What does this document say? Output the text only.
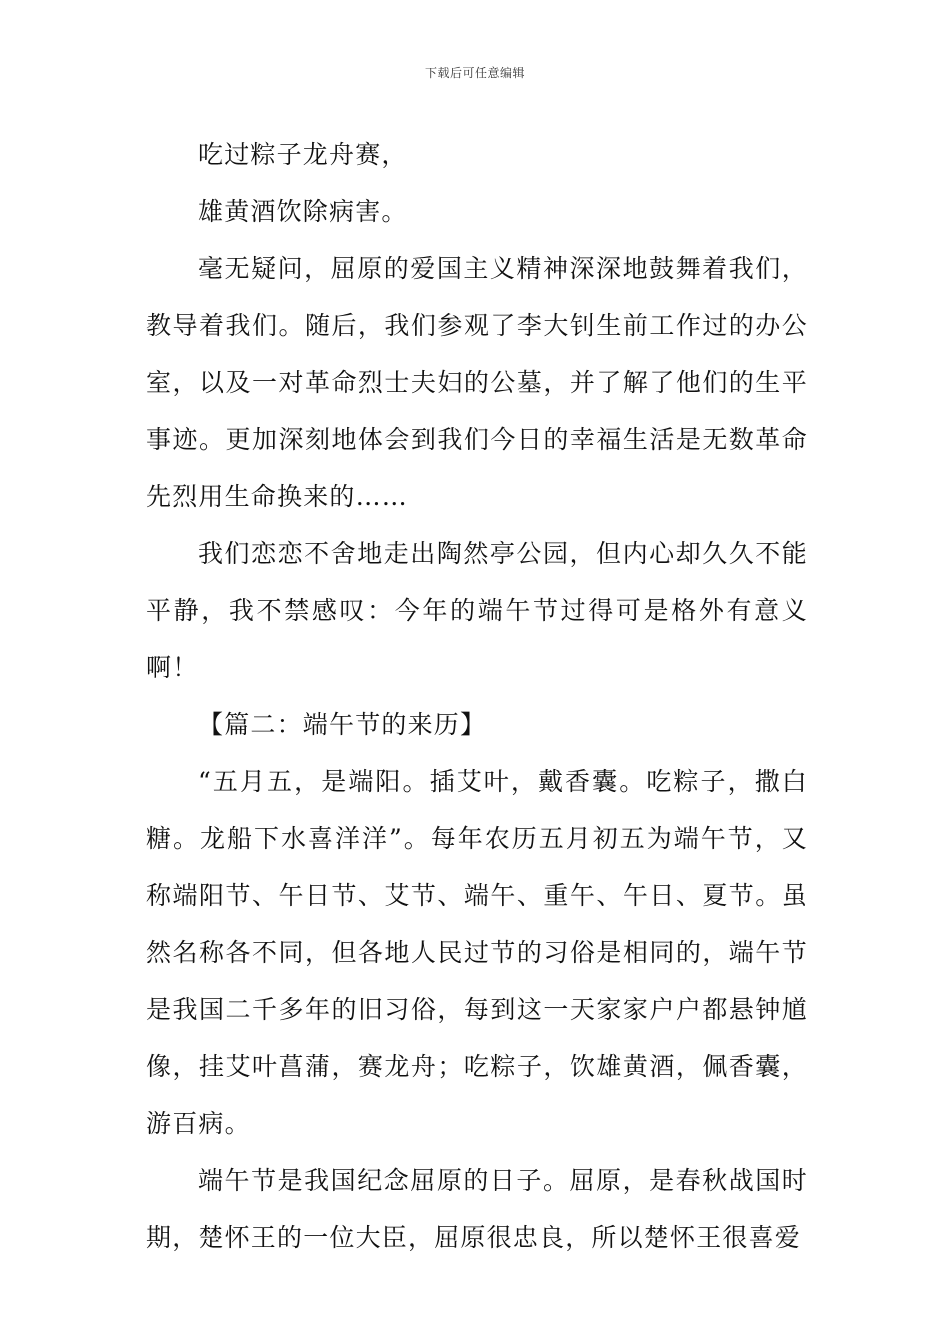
下载后可任意编辑

吃过粽子龙舟赛，

雄黄酒饮除病害。

毫无疑问，屈原的爱国主义精神深深地鼓舞着我们，教导着我们。随后，我们参观了李大钊生前工作过的办公室，以及一对革命烈士夫妇的公墓，并了解了他们的生平事迹。更加深刻地体会到我们今日的幸福生活是无数革命先烈用生命换来的……

我们恋恋不舍地走出陶然亭公园，但内心却久久不能平静，我不禁感叹：今年的端午节过得可是格外有意义啊！

【篇二：端午节的来历】

“五月五，是端阳。插艾叶，戴香囊。吃粽子，撒白糖。龙船下水喜洋洋”。每年农历五月初五为端午节，又称端阳节、午日节、艾节、端午、重午、午日、夏节。虽然名称各不同，但各地人民过节的习俗是相同的，端午节是我国二千多年的旧习俗，每到这一天家家户户都悬钟馗像，挂艾叶菖蒲，赛龙舟；吃粽子，饮雄黄酒，佩香囊，游百病。

端午节是我国纪念屈原的日子。屈原，是春秋战国时期，楚怀王的一位大臣，屈原很忠良，所以楚怀王很喜爱
